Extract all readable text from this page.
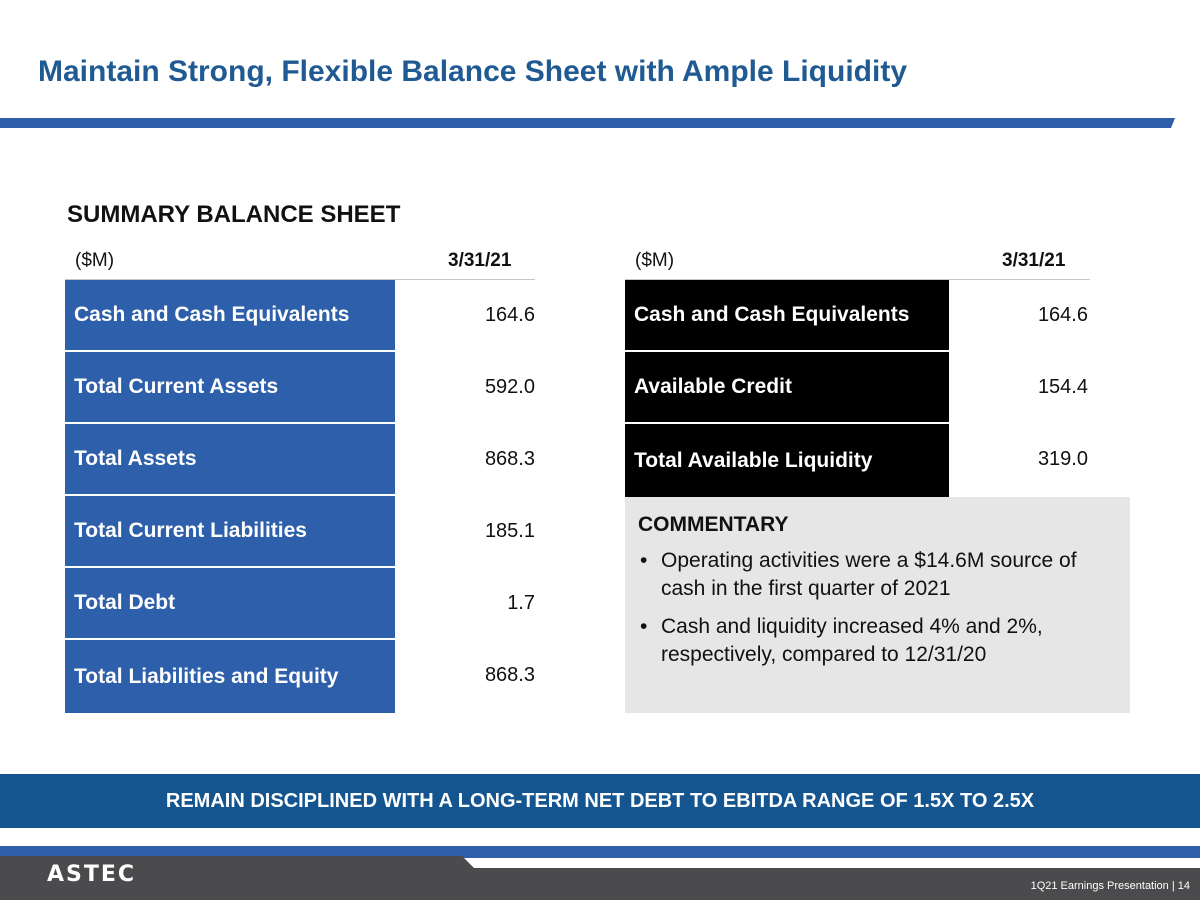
Maintain Strong, Flexible Balance Sheet with Ample Liquidity
SUMMARY BALANCE SHEET
($M)	3/31/21
Cash and Cash Equivalents	164.6
Total Current Assets	592.0
Total Assets	868.3
Total Current Liabilities	185.1
Total Debt	1.7
Total Liabilities and Equity	868.3
($M)	3/31/21
Cash and Cash Equivalents	164.6
Available Credit	154.4
Total Available Liquidity	319.0
COMMENTARY
• Operating activities were a $14.6M source of cash in the first quarter of 2021
• Cash and liquidity increased 4% and 2%, respectively, compared to 12/31/20
REMAIN DISCIPLINED WITH A LONG-TERM NET DEBT TO EBITDA RANGE OF 1.5X TO 2.5X
ASTEC	1Q21 Earnings Presentation | 14
